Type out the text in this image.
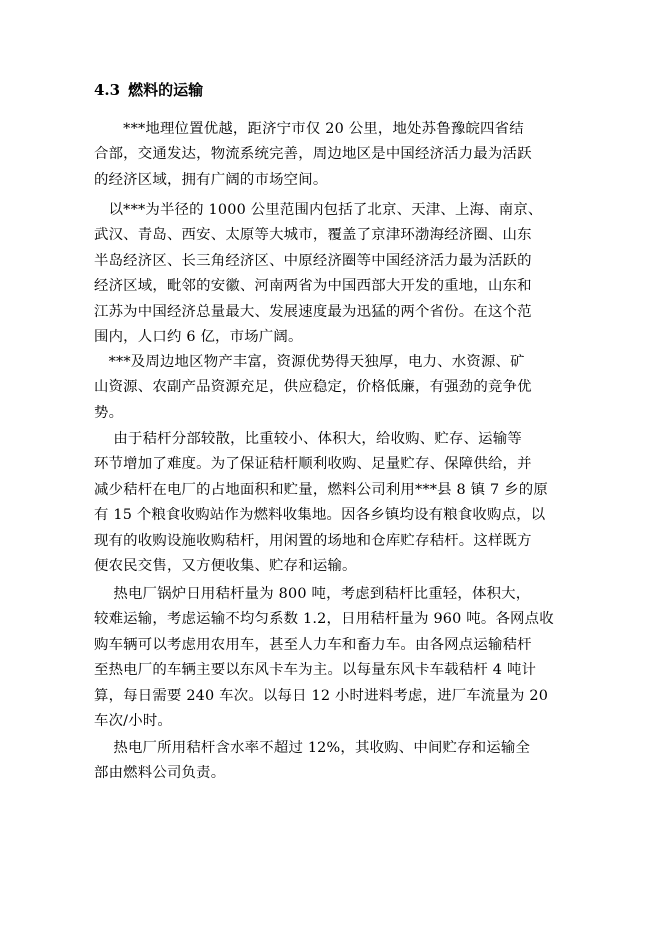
4.3 燃料的运输
　　***地理位置优越，距济宁市仅 20 公里，地处苏鲁豫皖四省结
合部，交通发达，物流系统完善，周边地区是中国经济活力最为活跃
的经济区域，拥有广阔的市场空间。
　以***为半径的 1000 公里范围内包括了北京、天津、上海、南京、
武汉、青岛、西安、太原等大城市，覆盖了京津环渤海经济圈、山东
半岛经济区、长三角经济区、中原经济圈等中国经济活力最为活跃的
经济区域，毗邻的安徽、河南两省为中国西部大开发的重地，山东和
江苏为中国经济总量最大、发展速度最为迅猛的两个省份。在这个范
围内，人口约 6 亿，市场广阔。
　***及周边地区物产丰富，资源优势得天独厚，电力、水资源、矿
山资源、农副产品资源充足，供应稳定，价格低廉，有强劲的竞争优
势。
　 由于秸杆分部较散，比重较小、体积大，给收购、贮存、运输等
环节增加了难度。为了保证秸杆顺利收购、足量贮存、保障供给，并
减少秸杆在电厂的占地面积和贮量，燃料公司利用***县 8 镇 7 乡的原
有 15 个粮食收购站作为燃料收集地。因各乡镇均设有粮食收购点，以
现有的收购设施收购秸杆，用闲置的场地和仓库贮存秸杆。这样既方
便农民交售，又方便收集、贮存和运输。
　 热电厂锅炉日用秸杆量为 800 吨，考虑到秸杆比重轻，体积大，
较难运输，考虑运输不均匀系数 1.2，日用秸杆量为 960 吨。各网点收
购车辆可以考虑用农用车，甚至人力车和畜力车。由各网点运输秸杆
至热电厂的车辆主要以东风卡车为主。以每量东风卡车载秸杆 4 吨计
算，每日需要 240 车次。以每日 12 小时进料考虑，进厂车流量为 20
车次/小时。
　 热电厂所用秸杆含水率不超过 12%，其收购、中间贮存和运输全
部由燃料公司负责。
